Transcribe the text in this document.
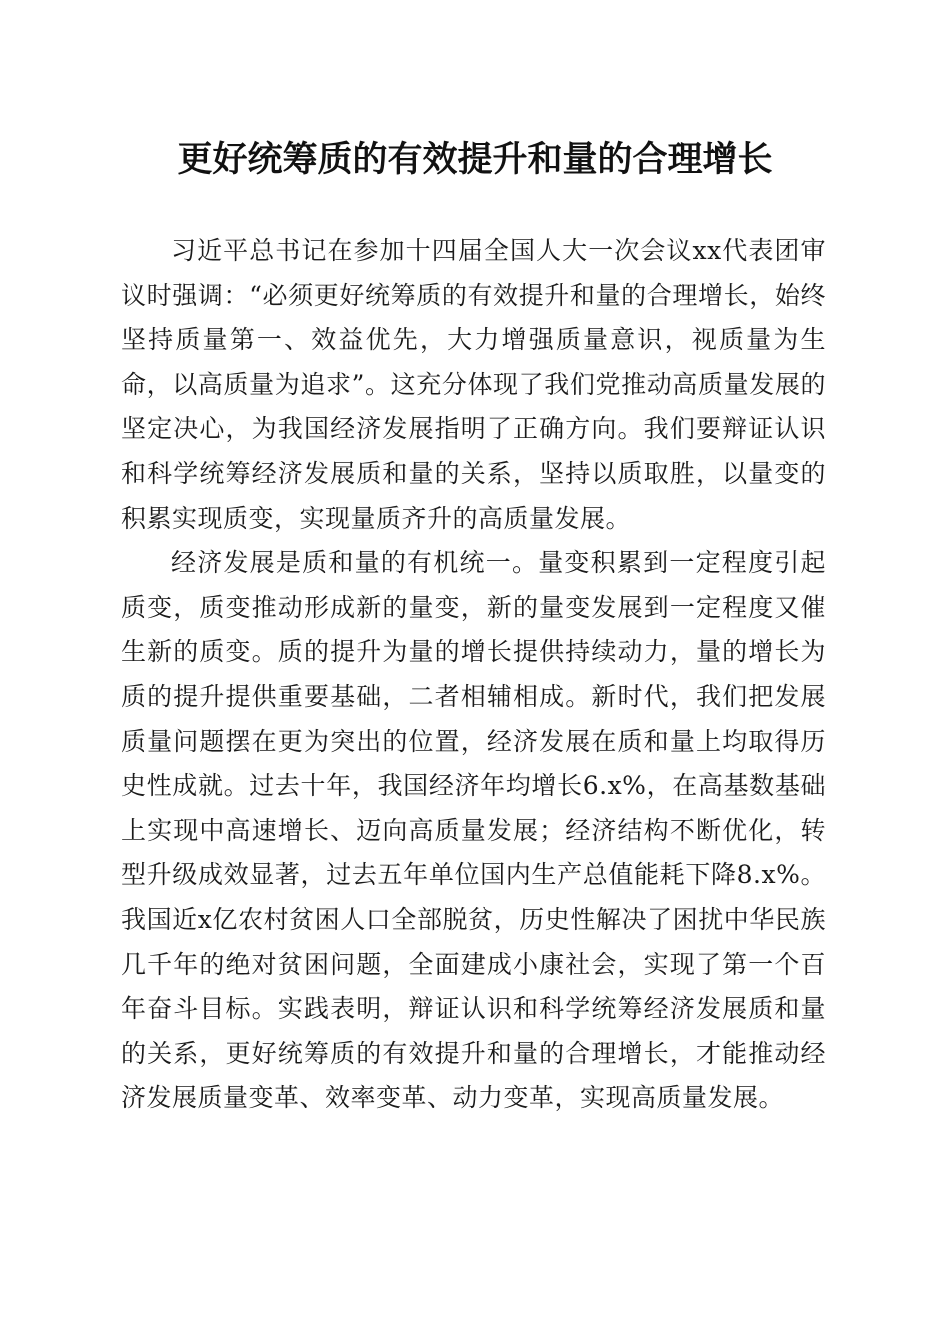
更好统筹质的有效提升和量的合理增长

习近平总书记在参加十四届全国人大一次会议xx代表团审议时强调：“必须更好统筹质的有效提升和量的合理增长，始终坚持质量第一、效益优先，大力增强质量意识，视质量为生命，以高质量为追求”。这充分体现了我们党推动高质量发展的坚定决心，为我国经济发展指明了正确方向。我们要辩证认识和科学统筹经济发展质和量的关系，坚持以质取胜，以量变的积累实现质变，实现量质齐升的高质量发展。

经济发展是质和量的有机统一。量变积累到一定程度引起质变，质变推动形成新的量变，新的量变发展到一定程度又催生新的质变。质的提升为量的增长提供持续动力，量的增长为质的提升提供重要基础，二者相辅相成。新时代，我们把发展质量问题摆在更为突出的位置，经济发展在质和量上均取得历史性成就。过去十年，我国经济年均增长6.x%，在高基数基础上实现中高速增长、迈向高质量发展；经济结构不断优化，转型升级成效显著，过去五年单位国内生产总值能耗下降8.x%。我国近x亿农村贫困人口全部脱贫，历史性解决了困扰中华民族几千年的绝对贫困问题，全面建成小康社会，实现了第一个百年奋斗目标。实践表明，辩证认识和科学统筹经济发展质和量的关系，更好统筹质的有效提升和量的合理增长，才能推动经济发展质量变革、效率变革、动力变革，实现高质量发展。
